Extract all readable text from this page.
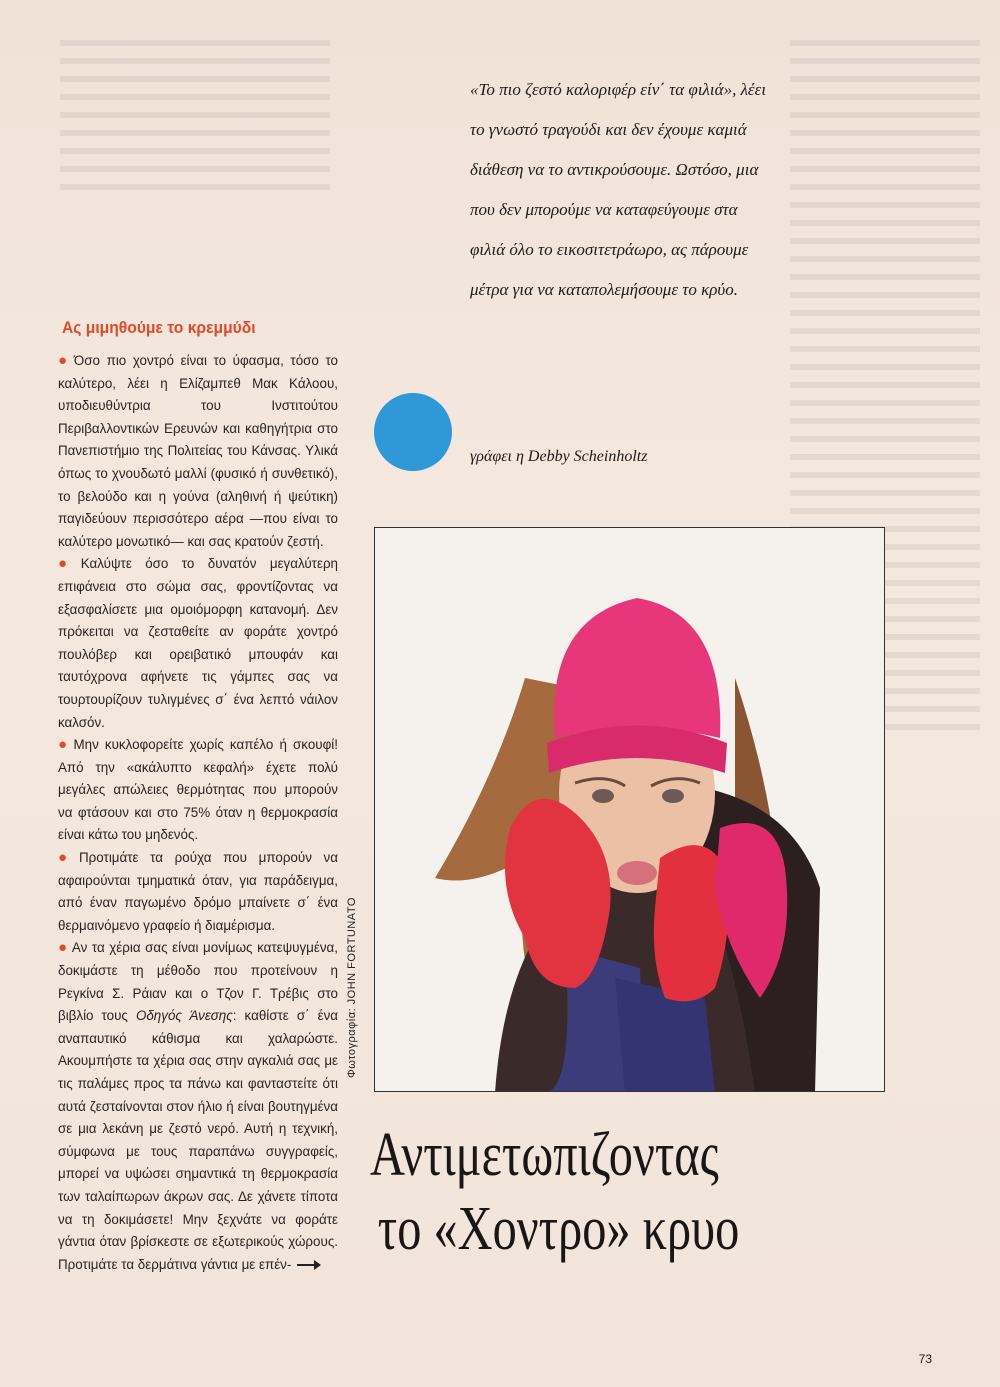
«Το πιο ζεστό καλοριφέρ είν΄ τα φιλιά», λέει το γνωστό τραγούδι και δεν έχουμε καμιά διάθεση να το αντικρούσουμε. Ωστόσο, μια που δεν μπορούμε να καταφεύγουμε στα φιλιά όλο το εικοσιτετράωρο, ας πάρουμε μέτρα για να καταπολεμήσουμε το κρύο.

γράφει η Debby Scheinholtz

Ας μιμηθούμε το κρεμμύδι

● Όσο πιο χοντρό είναι το ύφασμα, τόσο το καλύτερο, λέει η Ελίζαμπεθ Μακ Κάλοου, υποδιευθύντρια του Ινστιτούτου Περιβαλλοντικών Ερευνών και καθηγήτρια στο Πανεπιστήμιο της Πολιτείας του Κάνσας. Υλικά όπως το χνουδωτό μαλλί (φυσικό ή συνθετικό), το βελούδο και η γούνα (αληθινή ή ψεύτικη) παγιδεύουν περισσότερο αέρα —που είναι το καλύτερο μονωτικό— και σας κρατούν ζεστή.

● Καλύψτε όσο το δυνατόν μεγαλύτερη επιφάνεια στο σώμα σας, φροντίζοντας να εξασφαλίσετε μια ομοιόμορφη κατανομή. Δεν πρόκειται να ζεσταθείτε αν φοράτε χοντρό πουλόβερ και ορειβατικό μπουφάν και ταυτόχρονα αφήνετε τις γάμπες σας να τουρτουρίζουν τυλιγμένες σ΄ ένα λεπτό νάιλον καλσόν.

● Μην κυκλοφορείτε χωρίς καπέλο ή σκουφί! Από την «ακάλυπτο κεφαλή» έχετε πολύ μεγάλες απώλειες θερμότητας που μπορούν να φτάσουν και στο 75% όταν η θερμοκρασία είναι κάτω του μηδενός.

● Προτιμάτε τα ρούχα που μπορούν να αφαιρούνται τμηματικά όταν, για παράδειγμα, από έναν παγωμένο δρόμο μπαίνετε σ΄ ένα θερμαινόμενο γραφείο ή διαμέρισμα.

● Αν τα χέρια σας είναι μονίμως κατεψυγμένα, δοκιμάστε τη μέθοδο που προτείνουν η Ρεγκίνα Σ. Ράιαν και ο Τζον Γ. Τρέβις στο βιβλίο τους Οδηγός Άνεσης: καθίστε σ΄ ένα αναπαυτικό κάθισμα και χαλαρώστε. Ακουμπήστε τα χέρια σας στην αγκαλιά σας με τις παλάμες προς τα πάνω και φανταστείτε ότι αυτά ζεσταίνονται στον ήλιο ή είναι βουτηγμένα σε μια λεκάνη με ζεστό νερό. Αυτή η τεχνική, σύμφωνα με τους παραπάνω συγγραφείς, μπορεί να υψώσει σημαντικά τη θερμοκρασία των ταλαίπωρων άκρων σας. Δε χάνετε τίποτα να τη δοκιμάσετε! Μην ξεχνάτε να φοράτε γάντια όταν βρίσκεστε σε εξωτερικούς χώρους. Προτιμάτε τα δερμάτινα γάντια με επέν-

Φωτογραφία: JOHN FORTUNATO
Αντιμετωπιζοντας
το «Χοντρο» κρυο

73
